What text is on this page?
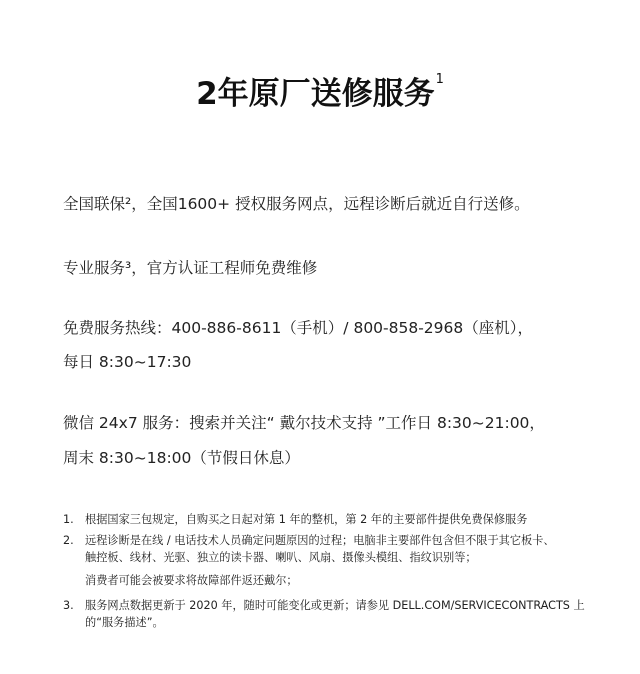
2年原厂送修服务$^1$
全国联保²，全国1600+ 授权服务网点，远程诊断后就近自行送修。
专业服务³，官方认证工程师免费维修
免费服务热线：400-886-8611（手机）/ 800-858-2968（座机），
每日 8:30~17:30
微信 24x7 服务：搜索并关注“ 戴尔技术支持 ”工作日 8:30~21:00，
周末 8:30~18:00（节假日休息）
1. 根据国家三包规定，自购买之日起对第 1 年的整机，第 2 年的主要部件提供免费保修服务
2. 远程诊断是在线 / 电话技术人员确定问题原因的过程；电脑非主要部件包含但不限于其它板卡、
触控板、线材、光驱、独立的读卡器、喇叭、风扇、摄像头模组、指纹识别等；
消费者可能会被要求将故障部件返还戴尔；
3. 服务网点数据更新于 2020 年，随时可能变化或更新；请参见 DELL.COM/SERVICECONTRACTS 上
的“服务描述”。
